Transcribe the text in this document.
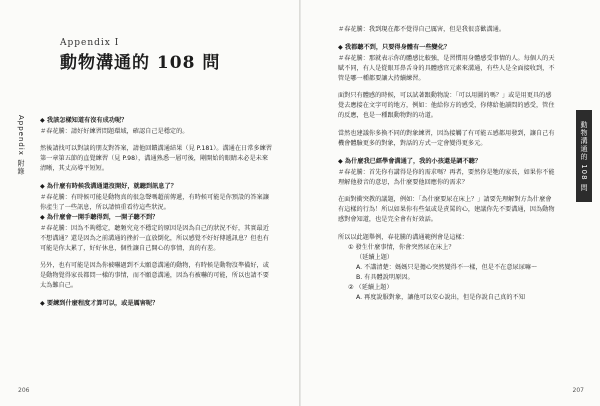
Appendix I
動物溝通的 108 問
Appendix 附錄 ◆ 我該怎樣知道有沒有成功呢？
＃春花騰：請好好練習問題環域，確認自己是穩定的。
然後請找可以對談的朋友對答案，請他回饋溝通結果（見 P.181）。溝通在日常多練習第一章第五節的直覺練習（見 P.98），溝通熟悉一層可後，剛開始的眼睛未必是未來清晰，其丈高導平短短。
◆ 為什麼有時候我溝通還沒開好，就聽到訊息了？
＃春花騰：有時候可能是動物真的很急聲嗎超前傳遞，有時候可能是你預設的答案讓你產生了一些訊息，所以請慎重看待這些狀況。
◆ 為什麼會一開手聽得到，一開子聽不到？
＃春花騰：因為不夠穩定，聽頻究竟不穩定的原因是因為自己的狀況不好，其實最近不想溝通？還是因為之前溝通的挫折一直放倒化，所以感覺不好好傳遞訊息？但也有可能是你太累了，好好休息，個性讓自己開心的事情，真的有差。
另外，也有可能是因為你被嚇過到不太願意溝通的動物，有時候是動物沒準備好，或是動物覺得家長都問一樣的事情，而不願意溝通，因為有被嚇的可能，所以也請不要太為難自己。
◆ 要練到什麼程度才算可以，或是厲害呢？
206
動物溝通的 108 問
＃春花騰：我到現在都不覺得自己厲害，但是我很喜歡溝通。
◆ 我都聽不到，只要得身體有一些變化？
＃春花騰：那就表示你的體感比較強，是習慣用身體感受事情的人。每個人的天賦不同，有人是從眼耳鼻舌身的具體感官元素來溝通，有些人是全面接收到，不管是哪一種都要讓大持續練習。
面對只有體感的時候，可以試著跟動物說：「可以用圖的嗎？」或是用更具的感覺去應接在文字可的地方，例如：他給你方的感受，你傳給他讀問的感受，管住的反應，也是一種跟動物對的功道。
當然也建議你多換不同的對象練習，因為接觸了有可能五感都用發到，讓自己有機會體驗更多的對象，對話的方式一定會變得更多元。
◆ 為什麼我已經學會溝通了，我的小孩還是調不聽？
＃春花騰：首先你有講得是你的需求嗎？再者，要然你是牠的家長，如果你不能理解他發音的意思，為什麼要他回應你的需求？
在面對衝突教的議題，例如：「為什麼要尿在床上？」請要先理解對方為什麼會有這樣的行為！所以如果你有些氣或是責罵的心，建議你先不要溝通，因為動物感對會知道，也是完全會有好效話。
所以以此題舉例，春花騰的溝通範例會是這樣：
① 發生什麼事情，你會突然尿在床上？
（延續上題）
A. 不講清楚：媽媽只是擔心突然變得不一樣，但是不在意尿尿嘛～
B. 有具體說明原因。
② （延續上題）
A. 再度說服對象，讓他可以安心說出，但是你說自己真的不知
207
